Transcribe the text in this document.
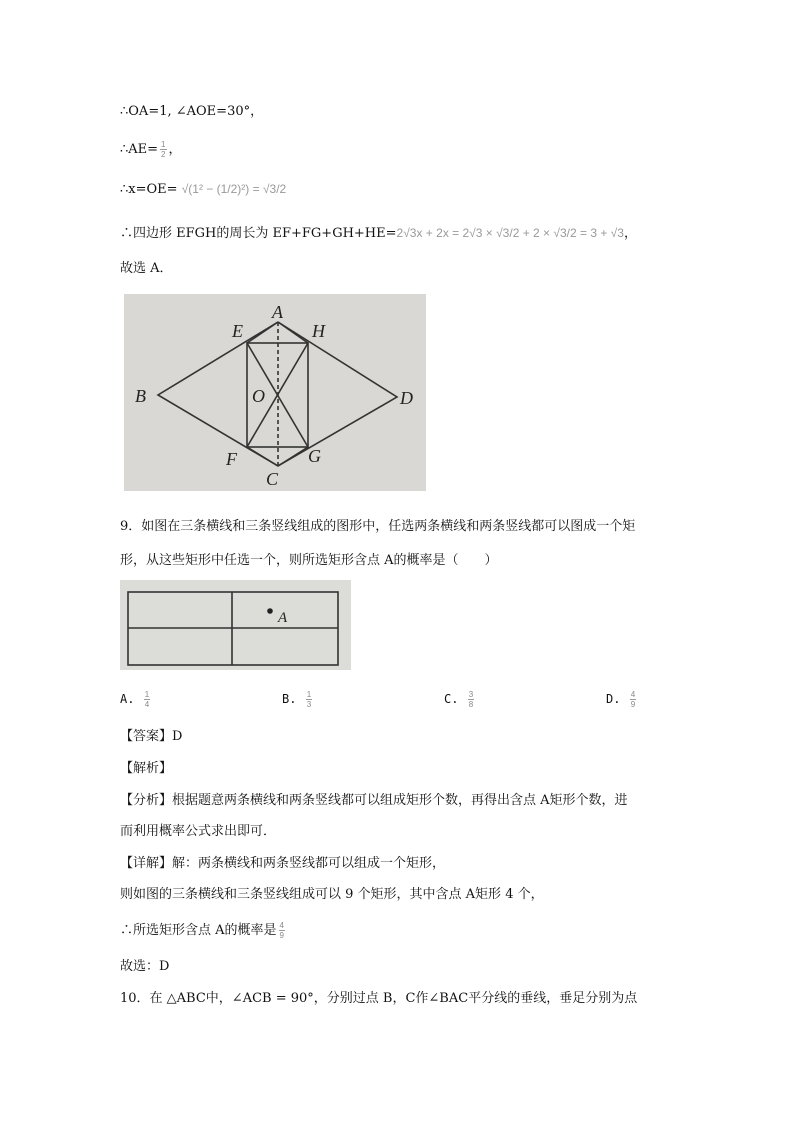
∴OA=1, ∠AOE=30°，
∴AE= $\frac{1}{2}$ ，
∴x=OE= √(1² − (1/2)²) = √3/2
∴四边形 EFGH的周长为 EF+FG+GH+HE=2√3x + 2x = 2√3 × √3/2 + 2 × √3/2 = 3 + √3，
故选 A．
A
E	H
B	O	D
F	G
C
9．如图在三条横线和三条竖线组成的图形中，任选两条横线和两条竖线都可以图成一个矩
形，从这些矩形中任选一个，则所选矩形含点 A的概率是（　　）
A
A. $\frac{1}{4}$	B. $\frac{1}{3}$	C. $\frac{3}{8}$	D. $\frac{4}{9}$
【答案】D
【解析】
【分析】根据题意两条横线和两条竖线都可以组成矩形个数，再得出含点 A矩形个数，进
而利用概率公式求出即可．
【详解】解：两条横线和两条竖线都可以组成一个矩形，
则如图的三条横线和三条竖线组成可以 9 个矩形，其中含点 A矩形 4 个，
∴所选矩形含点 A的概率是 $\frac{4}{9}$
故选：D
10．在 △ABC中，∠ACB = 90°，分别过点 B，C作∠BAC平分线的垂线，垂足分别为点
